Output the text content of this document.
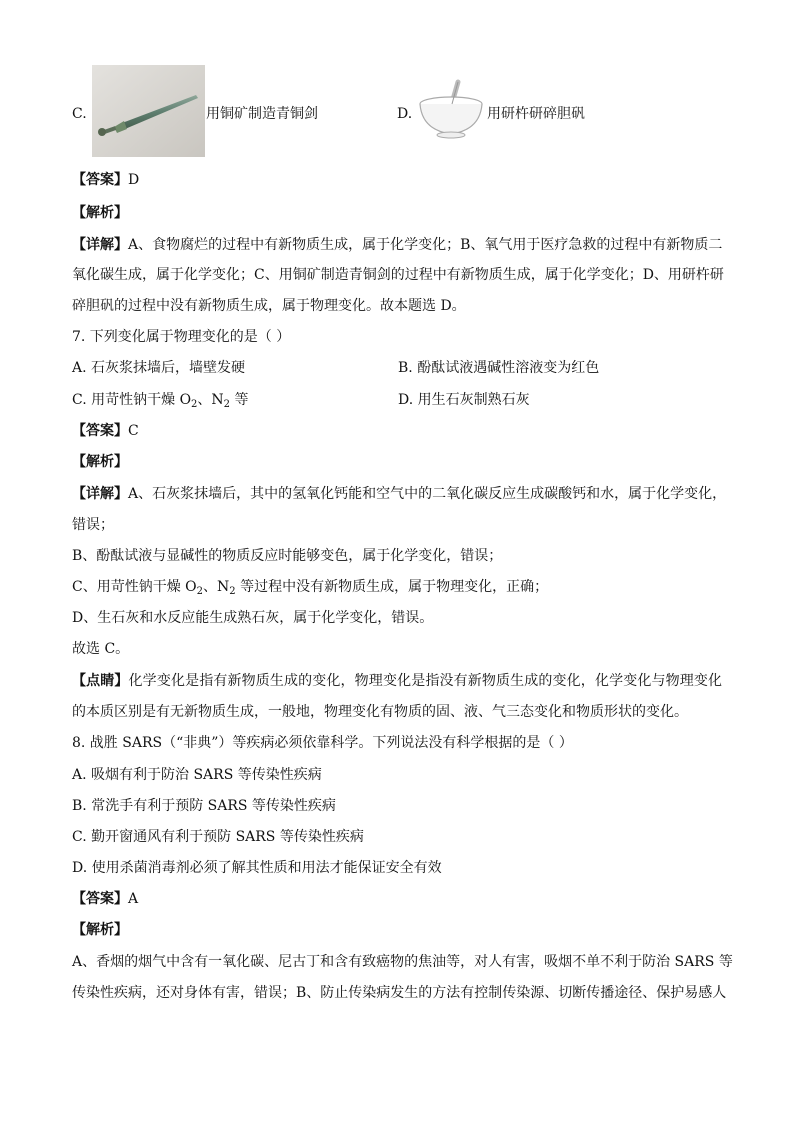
C.	用铜矿制造青铜剑	D.	用研杵研碎胆矾
【答案】D
【解析】
【详解】A、食物腐烂的过程中有新物质生成，属于化学变化；B、氧气用于医疗急救的过程中有新物质二
氧化碳生成，属于化学变化；C、用铜矿制造青铜剑的过程中有新物质生成，属于化学变化；D、用研杵研
碎胆矾的过程中没有新物质生成，属于物理变化。故本题选 D。
7. 下列变化属于物理变化的是（ ）
A. 石灰浆抹墙后，墙壁发硬	B. 酚酞试液遇碱性溶液变为红色
C. 用苛性钠干燥 $O_2$、$N_2$ 等	D. 用生石灰制熟石灰
【答案】C
【解析】
【详解】A、石灰浆抹墙后，其中的氢氧化钙能和空气中的二氧化碳反应生成碳酸钙和水，属于化学变化，
错误；
B、酚酞试液与显碱性的物质反应时能够变色，属于化学变化，错误；
C、用苛性钠干燥 $O_2$、$N_2$ 等过程中没有新物质生成，属于物理变化，正确；
D、生石灰和水反应能生成熟石灰，属于化学变化，错误。
故选 C。
【点睛】化学变化是指有新物质生成的变化，物理变化是指没有新物质生成的变化，化学变化与物理变化
的本质区别是有无新物质生成，一般地，物理变化有物质的固、液、气三态变化和物质形状的变化。
8. 战胜 SARS（“非典”）等疾病必须依靠科学。下列说法没有科学根据的是（ ）
A. 吸烟有利于防治 SARS 等传染性疾病
B. 常洗手有利于预防 SARS 等传染性疾病
C. 勤开窗通风有利于预防 SARS 等传染性疾病
D. 使用杀菌消毒剂必须了解其性质和用法才能保证安全有效
【答案】A
【解析】
A、香烟的烟气中含有一氧化碳、尼古丁和含有致癌物的焦油等，对人有害，吸烟不单不利于防治 SARS 等
传染性疾病，还对身体有害，错误；B、防止传染病发生的方法有控制传染源、切断传播途径、保护易感人
